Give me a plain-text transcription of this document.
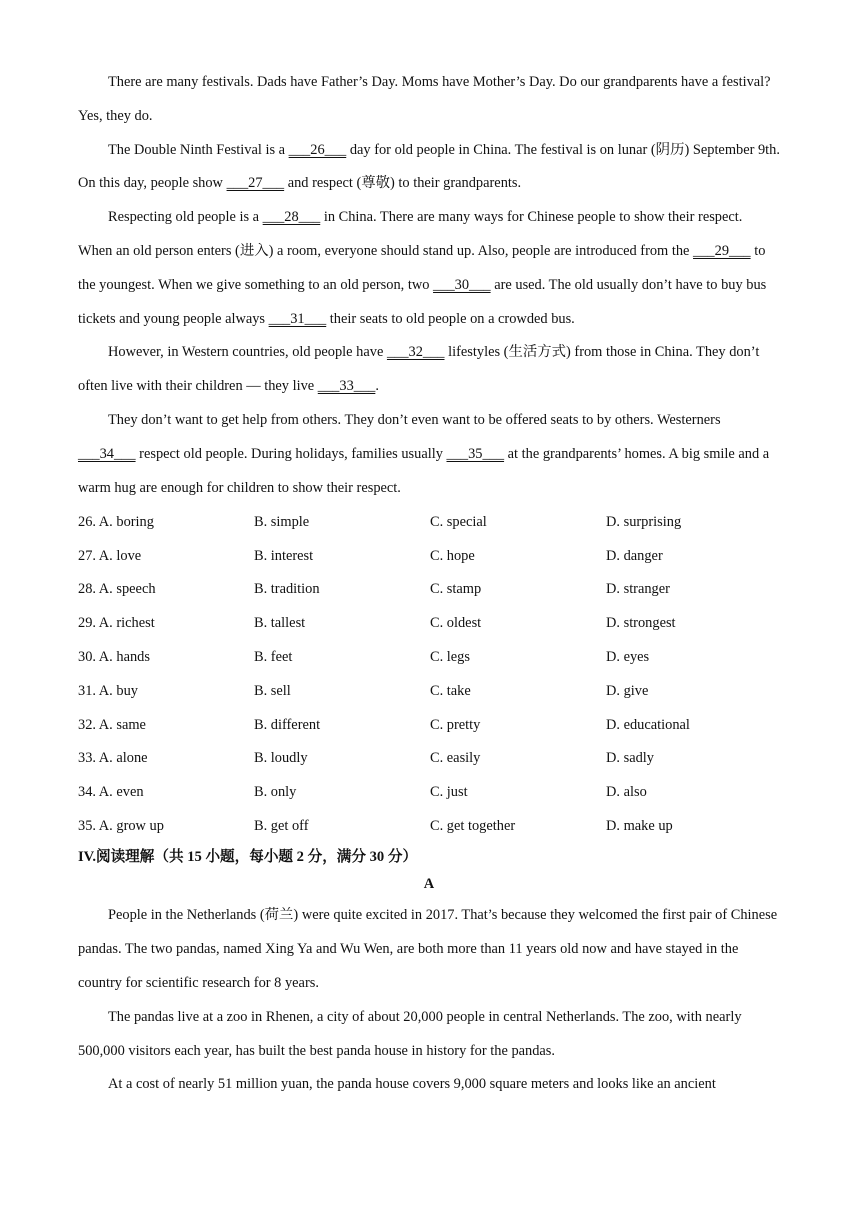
There are many festivals. Dads have Father’s Day. Moms have Mother’s Day. Do our grandparents have a festival? Yes, they do.

The Double Ninth Festival is a ___26___ day for old people in China. The festival is on lunar (阴历) September 9th. On this day, people show ___27___ and respect (尊敬) to their grandparents.

Respecting old people is a ___28___ in China. There are many ways for Chinese people to show their respect. When an old person enters (进入) a room, everyone should stand up. Also, people are introduced from the ___29___ to the youngest. When we give something to an old person, two ___30___ are used. The old usually don’t have to buy bus tickets and young people always ___31___ their seats to old people on a crowded bus.

However, in Western countries, old people have ___32___ lifestyles (生活方式) from those in China. They don’t often live with their children — they live ___33___.

They don’t want to get help from others. They don’t even want to be offered seats to by others. Westerners ___34___ respect old people. During holidays, families usually ___35___ at the grandparents’ homes. A big smile and a warm hug are enough for children to show their respect.

26. A. boring	B. simple	C. special	D. surprising
27. A. love	B. interest	C. hope	D. danger
28. A. speech	B. tradition	C. stamp	D. stranger
29. A. richest	B. tallest	C. oldest	D. strongest
30. A. hands	B. feet	C. legs	D. eyes
31. A. buy	B. sell	C. take	D. give
32. A. same	B. different	C. pretty	D. educational
33. A. alone	B. loudly	C. easily	D. sadly
34. A. even	B. only	C. just	D. also
35. A. grow up	B. get off	C. get together	D. make up
IV.阅读理解（共 15 小题，每小题 2 分，满分 30 分）
A

People in the Netherlands (荷兰) were quite excited in 2017. That’s because they welcomed the first pair of Chinese pandas. The two pandas, named Xing Ya and Wu Wen, are both more than 11 years old now and have stayed in the country for scientific research for 8 years.

The pandas live at a zoo in Rhenen, a city of about 20,000 people in central Netherlands. The zoo, with nearly 500,000 visitors each year, has built the best panda house in history for the pandas.

At a cost of nearly 51 million yuan, the panda house covers 9,000 square meters and looks like an ancient
